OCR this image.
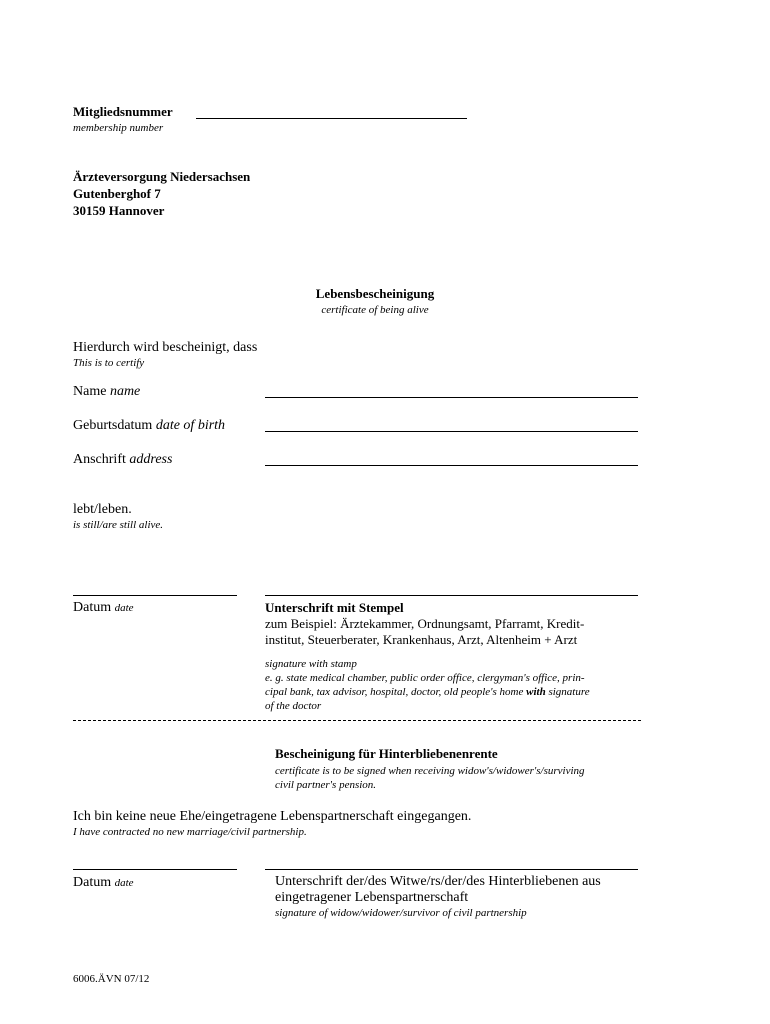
Mitgliedsnummer
membership number
Ärzteversorgung Niedersachsen
Gutenberghof 7
30159 Hannover
Lebensbescheinigung
certificate of being alive
Hierdurch wird bescheinigt, dass
This is to certify
Name name
Geburtsdatum date of birth
Anschrift address
lebt/leben.
is still/are still alive.
Datum date	Unterschrift mit Stempel
zum Beispiel: Ärztekammer, Ordnungsamt, Pfarramt, Kredit-
institut, Steuerberater, Krankenhaus, Arzt, Altenheim + Arzt
signature with stamp
e. g. state medical chamber, public order office, clergyman's office, prin-
cipal bank, tax advisor, hospital, doctor, old people's home with signature
of the doctor
Bescheinigung für Hinterbliebenenrente
certificate is to be signed when receiving widow's/widower's/surviving
civil partner's pension.
Ich bin keine neue Ehe/eingetragene Lebenspartnerschaft eingegangen.
I have contracted no new marriage/civil partnership.
Datum date	Unterschrift der/des Witwe/rs/der/des Hinterbliebenen aus
eingetragener Lebenspartnerschaft
signature of widow/widower/survivor of civil partnership
6006.ÄVN 07/12
